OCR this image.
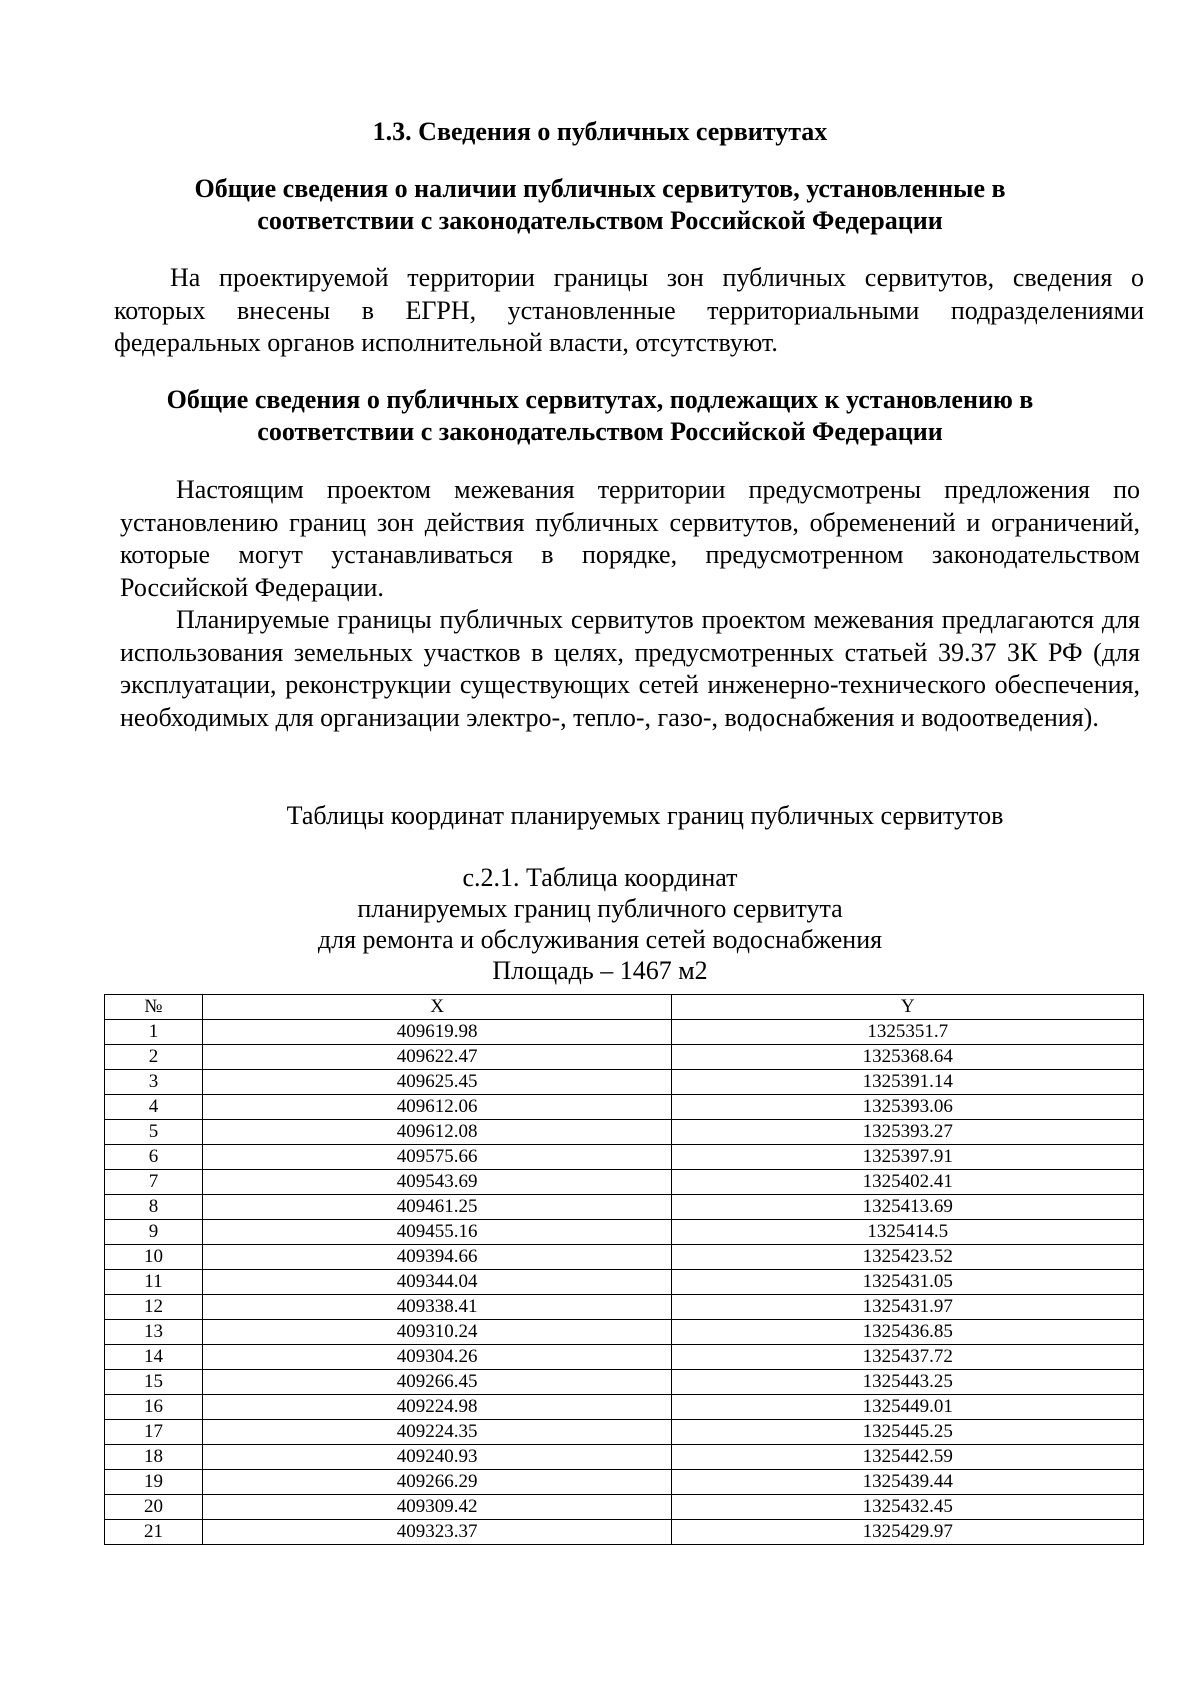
1.3. Сведения о публичных сервитутах
Общие сведения о наличии публичных сервитутов, установленные в
соответствии с законодательством Российской Федерации

На проектируемой территории границы зон публичных сервитутов, сведения о которых внесены в ЕГРН, установленные территориальными подразделениями федеральных органов исполнительной власти, отсутствуют.

Общие сведения о публичных сервитутах, подлежащих к установлению в
соответствии с законодательством Российской Федерации

Настоящим проектом межевания территории предусмотрены предложения по установлению границ зон действия публичных сервитутов, обременений и ограничений, которые могут устанавливаться в порядке, предусмотренном законодательством Российской Федерации.

Планируемые границы публичных сервитутов проектом межевания предлагаются для использования земельных участков в целях, предусмотренных статьей 39.37 ЗК РФ (для эксплуатации, реконструкции существующих сетей инженерно-технического обеспечения, необходимых для организации электро-, тепло-, газо-, водоснабжения и водоотведения).

Таблицы координат планируемых границ публичных сервитутов
с.2.1. Таблица координат
планируемых границ публичного сервитута
для ремонта и обслуживания сетей водоснабжения
Площадь – 1467 м2
№	X	Y
1	409619.98	1325351.7
2	409622.47	1325368.64
3	409625.45	1325391.14
4	409612.06	1325393.06
5	409612.08	1325393.27
6	409575.66	1325397.91
7	409543.69	1325402.41
8	409461.25	1325413.69
9	409455.16	1325414.5
10	409394.66	1325423.52
11	409344.04	1325431.05
12	409338.41	1325431.97
13	409310.24	1325436.85
14	409304.26	1325437.72
15	409266.45	1325443.25
16	409224.98	1325449.01
17	409224.35	1325445.25
18	409240.93	1325442.59
19	409266.29	1325439.44
20	409309.42	1325432.45
21	409323.37	1325429.97
